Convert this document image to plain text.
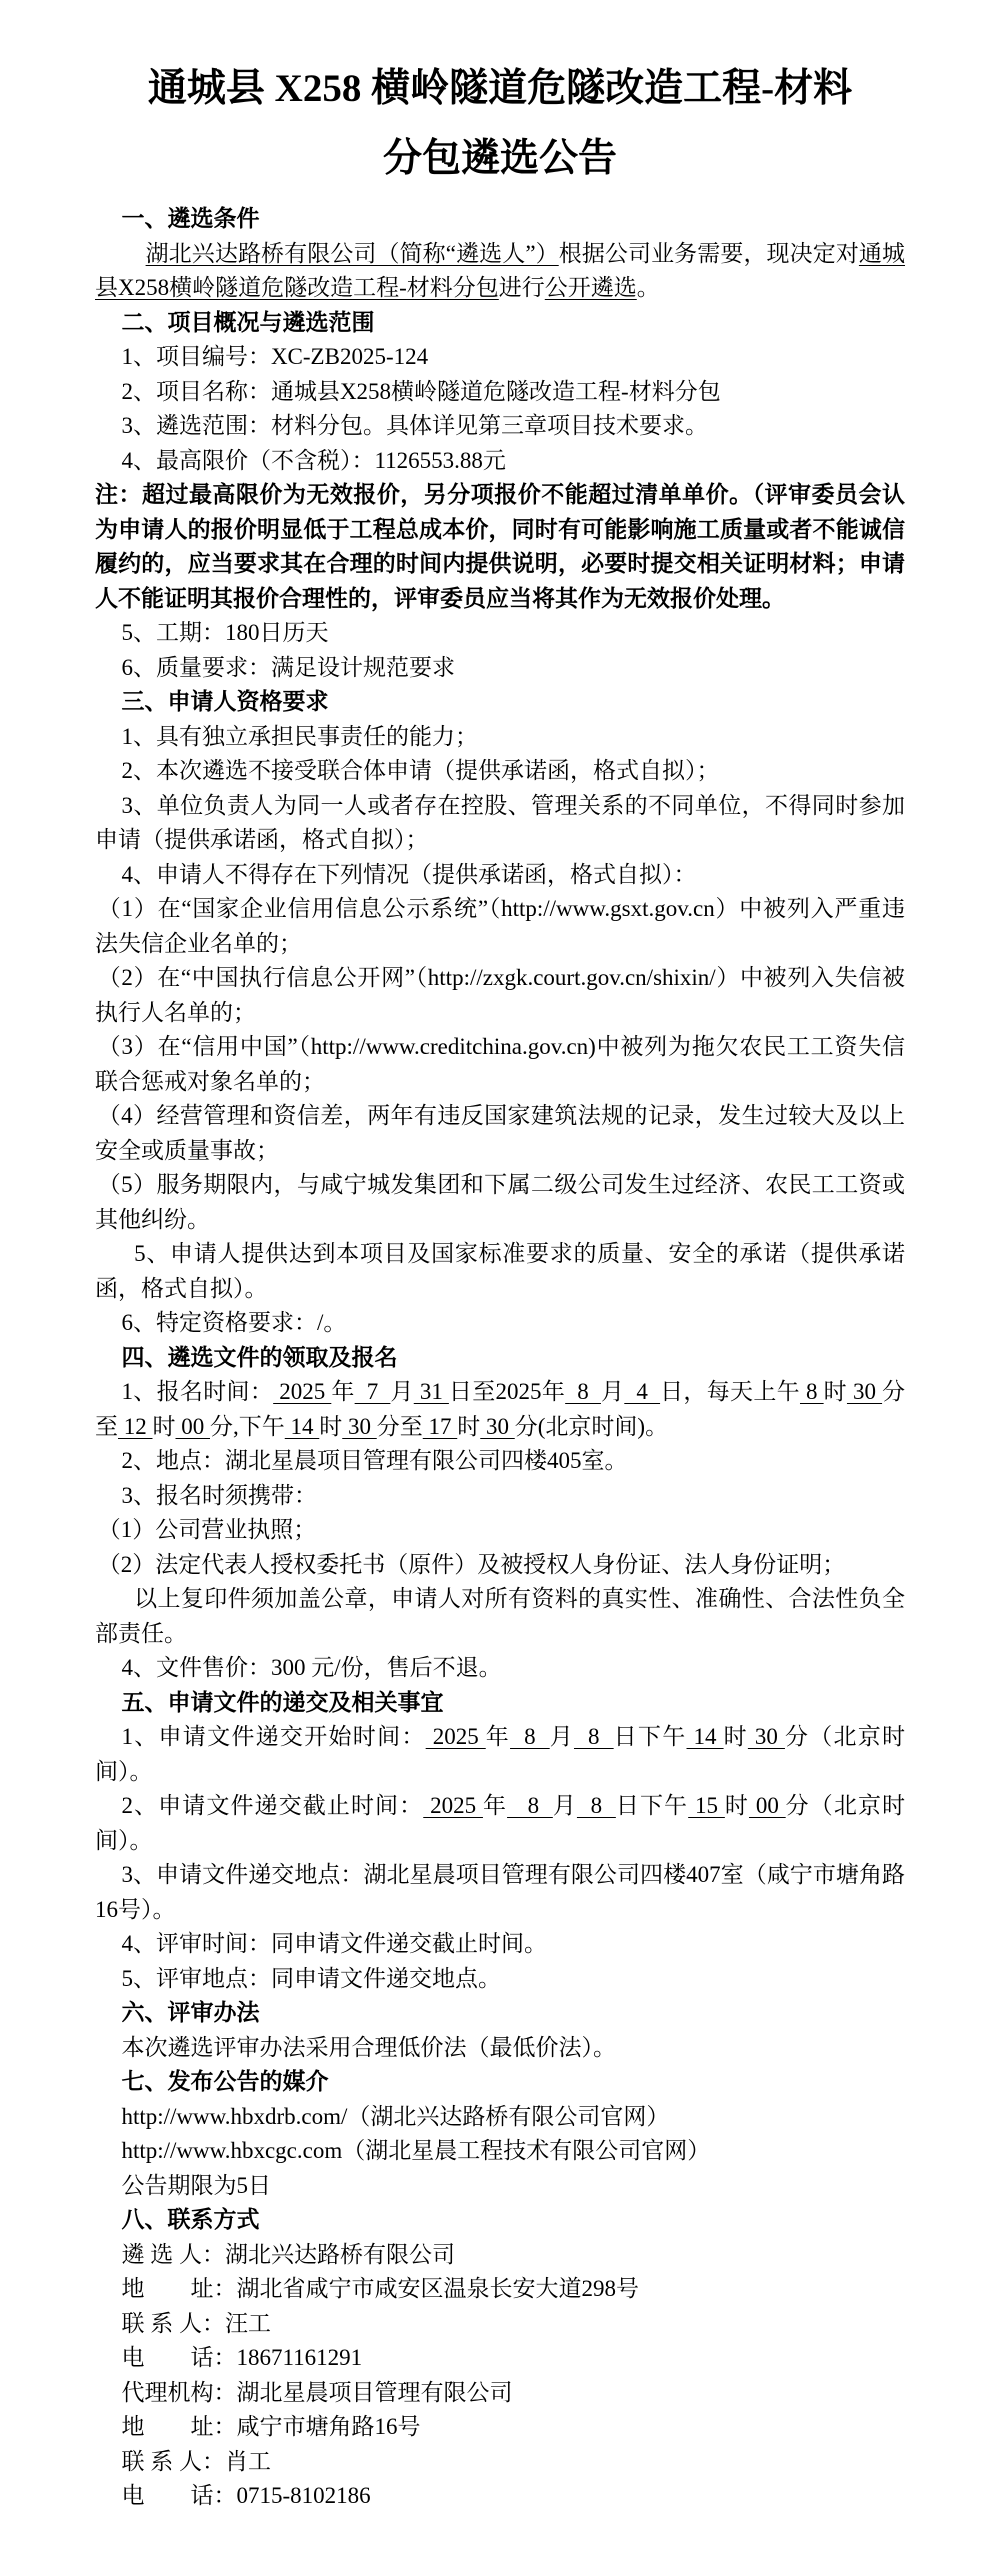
通城县 X258 横岭隧道危隧改造工程-材料分包遴选公告

一、遴选条件

湖北兴达路桥有限公司（简称“遴选人”）根据公司业务需要，现决定对通城县X258横岭隧道危隧改造工程-材料分包进行公开遴选。

二、项目概况与遴选范围

1、项目编号：XC-ZB2025-124

2、项目名称：通城县X258横岭隧道危隧改造工程-材料分包

3、遴选范围：材料分包。具体详见第三章项目技术要求。

4、最高限价（不含税）：1126553.88元

注：超过最高限价为无效报价，另分项报价不能超过清单单价。（评审委员会认为申请人的报价明显低于工程总成本价，同时有可能影响施工质量或者不能诚信履约的，应当要求其在合理的时间内提供说明，必要时提交相关证明材料；申请人不能证明其报价合理性的，评审委员应当将其作为无效报价处理。

5、工期：180日历天

6、质量要求：满足设计规范要求

三、申请人资格要求

1、具有独立承担民事责任的能力；

2、本次遴选不接受联合体申请（提供承诺函，格式自拟）；

3、单位负责人为同一人或者存在控股、管理关系的不同单位，不得同时参加申请（提供承诺函，格式自拟）；

4、申请人不得存在下列情况（提供承诺函，格式自拟）：

（1）在“国家企业信用信息公示系统”（http://www.gsxt.gov.cn）中被列入严重违法失信企业名单的；

（2）在“中国执行信息公开网”（http://zxgk.court.gov.cn/shixin/）中被列入失信被执行人名单的；

（3）在“信用中国”（http://www.creditchina.gov.cn)中被列为拖欠农民工工资失信联合惩戒对象名单的；

（4）经营管理和资信差，两年有违反国家建筑法规的记录，发生过较大及以上安全或质量事故；

（5）服务期限内，与咸宁城发集团和下属二级公司发生过经济、农民工工资或其他纠纷。

5、申请人提供达到本项目及国家标准要求的质量、安全的承诺（提供承诺函，格式自拟）。

6、特定资格要求：/。

四、遴选文件的领取及报名

1、报名时间： 2025 年  7  月 31 日至2025年  8  月  4  日，每天上午 8 时 30 分至 12 时 00 分,下午 14 时 30 分至 17 时 30 分(北京时间)。

2、地点：湖北星晨项目管理有限公司四楼405室。

3、报名时须携带：

（1）公司营业执照；

（2）法定代表人授权委托书（原件）及被授权人身份证、法人身份证明；

以上复印件须加盖公章，申请人对所有资料的真实性、准确性、合法性负全部责任。

4、文件售价：300 元/份，售后不退。

五、申请文件的递交及相关事宜

1、申请文件递交开始时间： 2025 年  8  月  8  日下午 14 时 30 分（北京时间）。

2、申请文件递交截止时间： 2025 年   8  月  8  日下午 15 时 00 分（北京时间）。

3、申请文件递交地点：湖北星晨项目管理有限公司四楼407室（咸宁市塘角路16号）。

4、评审时间：同申请文件递交截止时间。

5、评审地点：同申请文件递交地点。

六、评审办法

本次遴选评审办法采用合理低价法（最低价法）。

七、发布公告的媒介

http://www.hbxdrb.com/（湖北兴达路桥有限公司官网）

http://www.hbxcgc.com（湖北星晨工程技术有限公司官网）

公告期限为5日

八、联系方式

遴 选 人：湖北兴达路桥有限公司

地　　址：湖北省咸宁市咸安区温泉长安大道298号

联 系 人：汪工

电　　话：18671161291

代理机构：湖北星晨项目管理有限公司

地　　址：咸宁市塘角路16号

联 系 人：肖工

电　　话：0715-8102186
